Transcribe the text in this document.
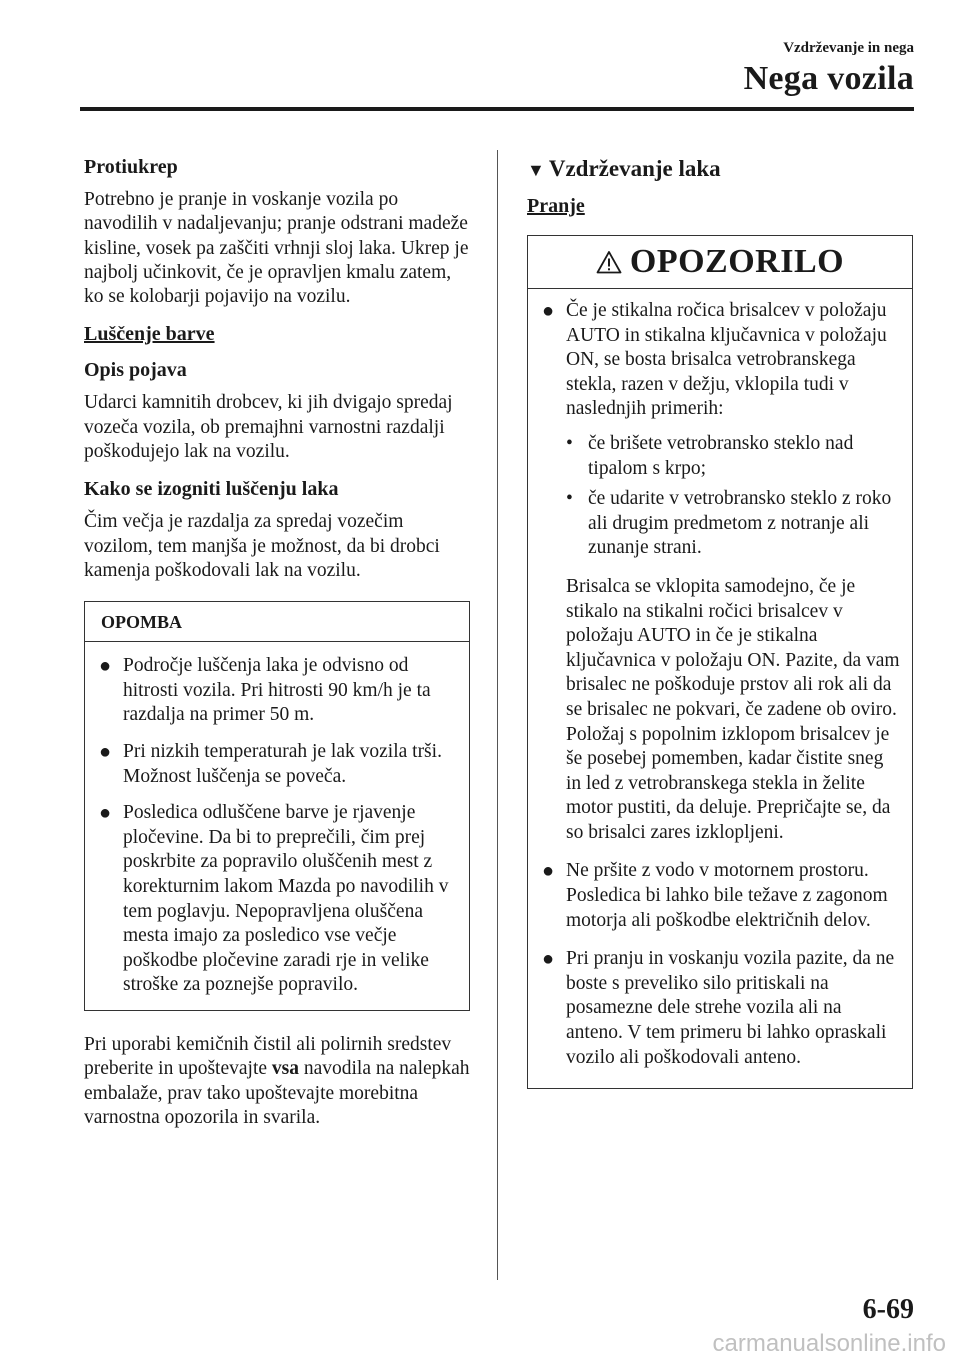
Vzdrževanje in nega
Nega vozila
Protiukrep

Potrebno je pranje in voskanje vozila po navodilih v nadaljevanju; pranje odstrani madeže kisline, vosek pa zaščiti vrhnji sloj laka. Ukrep je najbolj učinkovit, če je opravljen kmalu zatem, ko se kolobarji pojavijo na vozilu.

Luščenje barve
Opis pojava

Udarci kamnitih drobcev, ki jih dvigajo spredaj vozeča vozila, ob premajhni varnostni razdalji poškodujejo lak na vozilu.

Kako se izogniti luščenju laka

Čim večja je razdalja za spredaj vozečim vozilom, tem manjša je možnost, da bi drobci kamenja poškodovali lak na vozilu.

OPOMBA
● Področje luščenja laka je odvisno od hitrosti vozila. Pri hitrosti 90 km/h je ta razdalja na primer 50 m.
● Pri nizkih temperaturah je lak vozila trši. Možnost luščenja se poveča.
● Posledica odluščene barve je rjavenje pločevine. Da bi to preprečili, čim prej poskrbite za popravilo oluščenih mest z korekturnim lakom Mazda po navodilih v tem poglavju. Nepopravljena oluščena mesta imajo za posledico vse večje poškodbe pločevine zaradi rje in velike stroške za poznejše popravilo.

Pri uporabi kemičnih čistil ali polirnih sredstev preberite in upoštevajte vsa navodila na nalepkah embalaže, prav tako upoštevajte morebitna varnostna opozorila in svarila.

▼ Vzdrževanje laka
Pranje
OPOZORILO
● Če je stikalna ročica brisalcev v položaju AUTO in stikalna ključavnica v položaju ON, se bosta brisalca vetrobranskega stekla, razen v dežju, vklopila tudi v naslednjih primerih:
• če brišete vetrobransko steklo nad tipalom s krpo;
• če udarite v vetrobransko steklo z roko ali drugim predmetom z notranje ali zunanje strani.
Brisalca se vklopita samodejno, če je stikalo na stikalni ročici brisalcev v položaju AUTO in če je stikalna ključavnica v položaju ON. Pazite, da vam brisalec ne poškoduje prstov ali rok ali da se brisalec ne pokvari, če zadene ob oviro.
Položaj s popolnim izklopom brisalcev je še posebej pomemben, kadar čistite sneg in led z vetrobranskega stekla in želite motor pustiti, da deluje. Prepričajte se, da so brisalci zares izklopljeni.
● Ne pršite z vodo v motornem prostoru. Posledica bi lahko bile težave z zagonom motorja ali poškodbe električnih delov.
● Pri pranju in voskanju vozila pazite, da ne boste s preveliko silo pritiskali na posamezne dele strehe vozila ali na anteno. V tem primeru bi lahko opraskali vozilo ali poškodovali anteno.
6-69
carmanualsonline.info
